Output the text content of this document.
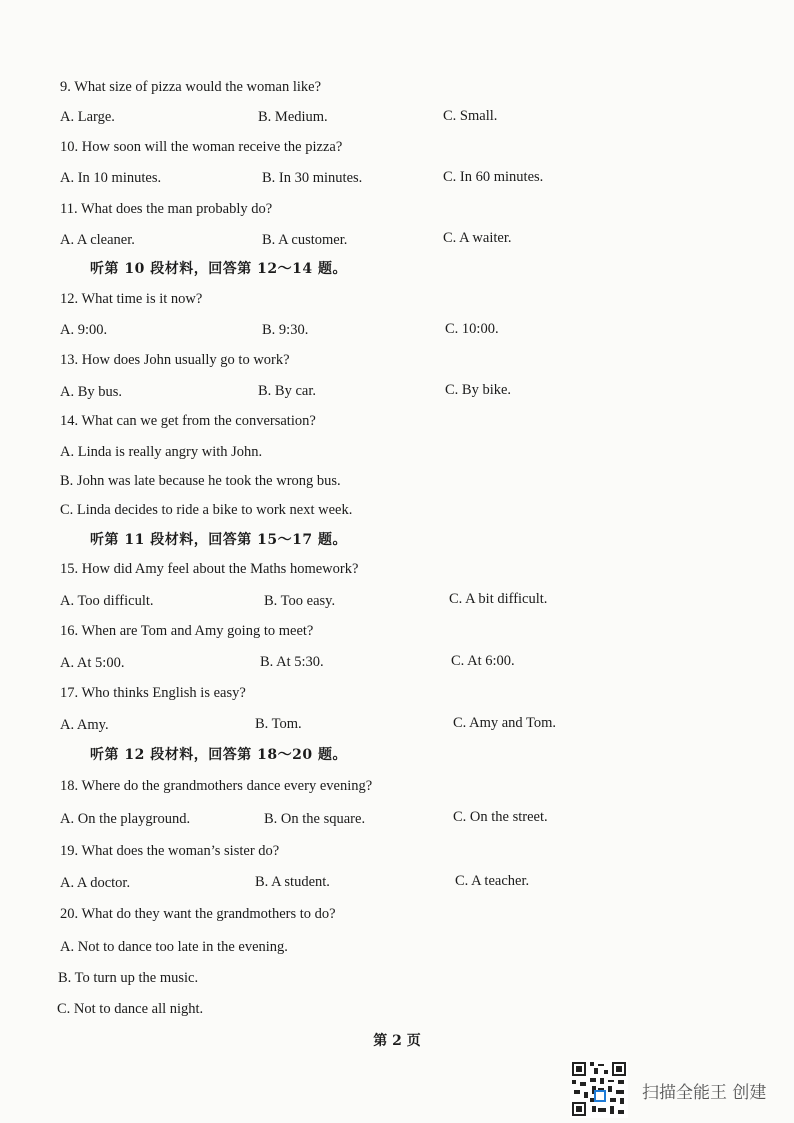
9. What size of pizza would the woman like?
A. Large.	B. Medium.	C. Small.
10. How soon will the woman receive the pizza?
A. In 10 minutes.	B. In 30 minutes.	C. In 60 minutes.
11. What does the man probably do?
A. A cleaner.	B. A customer.	C. A waiter.
听第 10 段材料，回答第 12～14 题。
12. What time is it now?
A. 9:00.	B. 9:30.	C. 10:00.
13. How does John usually go to work?
A. By bus.	B. By car.	C. By bike.
14. What can we get from the conversation?
A. Linda is really angry with John.
B. John was late because he took the wrong bus.
C. Linda decides to ride a bike to work next week.
听第 11 段材料，回答第 15～17 题。
15. How did Amy feel about the Maths homework?
A. Too difficult.	B. Too easy.	C. A bit difficult.
16. When are Tom and Amy going to meet?
A. At 5:00.	B. At 5:30.	C. At 6:00.
17. Who thinks English is easy?
A. Amy.	B. Tom.	C. Amy and Tom.
听第 12 段材料，回答第 18～20 题。
18. Where do the grandmothers dance every evening?
A. On the playground.	B. On the square.	C. On the street.
19. What does the woman’s sister do?
A. A doctor.	B. A student.	C. A teacher.
20. What do they want the grandmothers to do?
A. Not to dance too late in the evening.
B. To turn up the music.
C. Not to dance all night.
第 2 页
扫描全能王 创建
